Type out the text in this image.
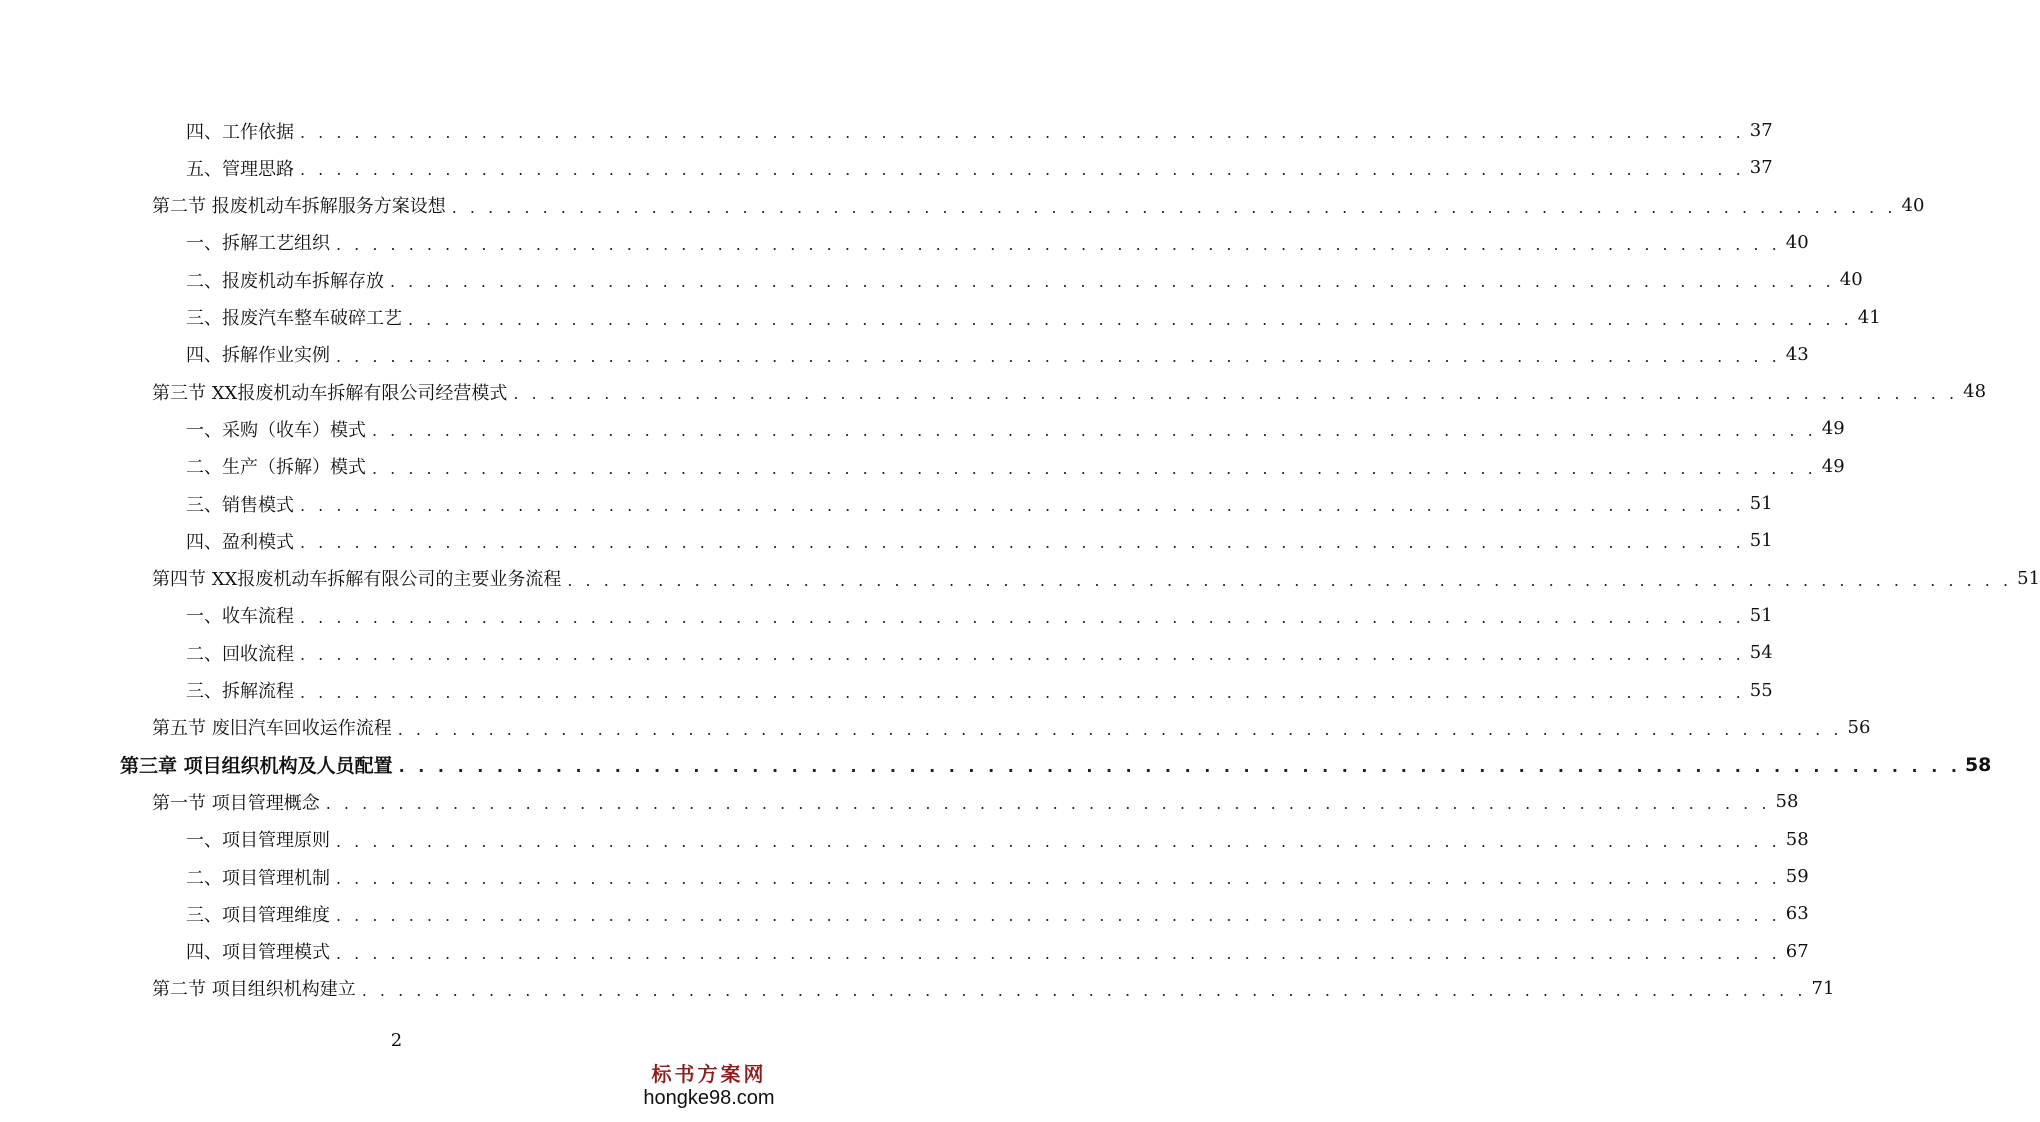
四、工作依据 . . . . . . . . . . . . . . . . . . . . . . . . . . . . . . . . . . . . . . . . . . . . . . . . . . . . . . . . . . . . . . . . . . . . . . . . . . . . . . . . 37
五、管理思路 . . . . . . . . . . . . . . . . . . . . . . . . . . . . . . . . . . . . . . . . . . . . . . . . . . . . . . . . . . . . . . . . . . . . . . . . . . . . . . . . 37
第二节 报废机动车拆解服务方案设想 . . . . . . . . . . . . . . . . . . . . . . . . . . . . . . . . . . . . . . . . . . . . . . . . . . . . . . . . . . . . . . . . . . . . . . . . . . . . . . . . 40
一、拆解工艺组织 . . . . . . . . . . . . . . . . . . . . . . . . . . . . . . . . . . . . . . . . . . . . . . . . . . . . . . . . . . . . . . . . . . . . . . . . . . . . . . . . 40
二、报废机动车拆解存放 . . . . . . . . . . . . . . . . . . . . . . . . . . . . . . . . . . . . . . . . . . . . . . . . . . . . . . . . . . . . . . . . . . . . . . . . . . . . . . . . 40
三、报废汽车整车破碎工艺 . . . . . . . . . . . . . . . . . . . . . . . . . . . . . . . . . . . . . . . . . . . . . . . . . . . . . . . . . . . . . . . . . . . . . . . . . . . . . . . . 41
四、拆解作业实例 . . . . . . . . . . . . . . . . . . . . . . . . . . . . . . . . . . . . . . . . . . . . . . . . . . . . . . . . . . . . . . . . . . . . . . . . . . . . . . . . 43
第三节 XX报废机动车拆解有限公司经营模式 . . . . . . . . . . . . . . . . . . . . . . . . . . . . . . . . . . . . . . . . . . . . . . . . . . . . . . . . . . . . . . . . . . . . . . . . . . . . . . . . 48
一、采购（收车）模式 . . . . . . . . . . . . . . . . . . . . . . . . . . . . . . . . . . . . . . . . . . . . . . . . . . . . . . . . . . . . . . . . . . . . . . . . . . . . . . . . 49
二、生产（拆解）模式 . . . . . . . . . . . . . . . . . . . . . . . . . . . . . . . . . . . . . . . . . . . . . . . . . . . . . . . . . . . . . . . . . . . . . . . . . . . . . . . . 49
三、销售模式 . . . . . . . . . . . . . . . . . . . . . . . . . . . . . . . . . . . . . . . . . . . . . . . . . . . . . . . . . . . . . . . . . . . . . . . . . . . . . . . . 51
四、盈利模式 . . . . . . . . . . . . . . . . . . . . . . . . . . . . . . . . . . . . . . . . . . . . . . . . . . . . . . . . . . . . . . . . . . . . . . . . . . . . . . . . 51
第四节 XX报废机动车拆解有限公司的主要业务流程 . . . . . . . . . . . . . . . . . . . . . . . . . . . . . . . . . . . . . . . . . . . . . . . . . . . . . . . . . . . . . . . . . . . . . . . . . . . . . . . . 51
一、收车流程 . . . . . . . . . . . . . . . . . . . . . . . . . . . . . . . . . . . . . . . . . . . . . . . . . . . . . . . . . . . . . . . . . . . . . . . . . . . . . . . . 51
二、回收流程 . . . . . . . . . . . . . . . . . . . . . . . . . . . . . . . . . . . . . . . . . . . . . . . . . . . . . . . . . . . . . . . . . . . . . . . . . . . . . . . . 54
三、拆解流程 . . . . . . . . . . . . . . . . . . . . . . . . . . . . . . . . . . . . . . . . . . . . . . . . . . . . . . . . . . . . . . . . . . . . . . . . . . . . . . . . 55
第五节 废旧汽车回收运作流程 . . . . . . . . . . . . . . . . . . . . . . . . . . . . . . . . . . . . . . . . . . . . . . . . . . . . . . . . . . . . . . . . . . . . . . . . . . . . . . . . 56
第三章 项目组织机构及人员配置 . . . . . . . . . . . . . . . . . . . . . . . . . . . . . . . . . . . . . . . . . . . . . . . . . . . . . . . . . . . . . . . . . . . . . . . . . . . . . . . . 58
第一节 项目管理概念 . . . . . . . . . . . . . . . . . . . . . . . . . . . . . . . . . . . . . . . . . . . . . . . . . . . . . . . . . . . . . . . . . . . . . . . . . . . . . . . . 58
一、项目管理原则 . . . . . . . . . . . . . . . . . . . . . . . . . . . . . . . . . . . . . . . . . . . . . . . . . . . . . . . . . . . . . . . . . . . . . . . . . . . . . . . . 58
二、项目管理机制 . . . . . . . . . . . . . . . . . . . . . . . . . . . . . . . . . . . . . . . . . . . . . . . . . . . . . . . . . . . . . . . . . . . . . . . . . . . . . . . . 59
三、项目管理维度 . . . . . . . . . . . . . . . . . . . . . . . . . . . . . . . . . . . . . . . . . . . . . . . . . . . . . . . . . . . . . . . . . . . . . . . . . . . . . . . . 63
四、项目管理模式 . . . . . . . . . . . . . . . . . . . . . . . . . . . . . . . . . . . . . . . . . . . . . . . . . . . . . . . . . . . . . . . . . . . . . . . . . . . . . . . . 67
第二节 项目组织机构建立 . . . . . . . . . . . . . . . . . . . . . . . . . . . . . . . . . . . . . . . . . . . . . . . . . . . . . . . . . . . . . . . . . . . . . . . . . . . . . . . . 71
2
标书方案网
hongke98.com
